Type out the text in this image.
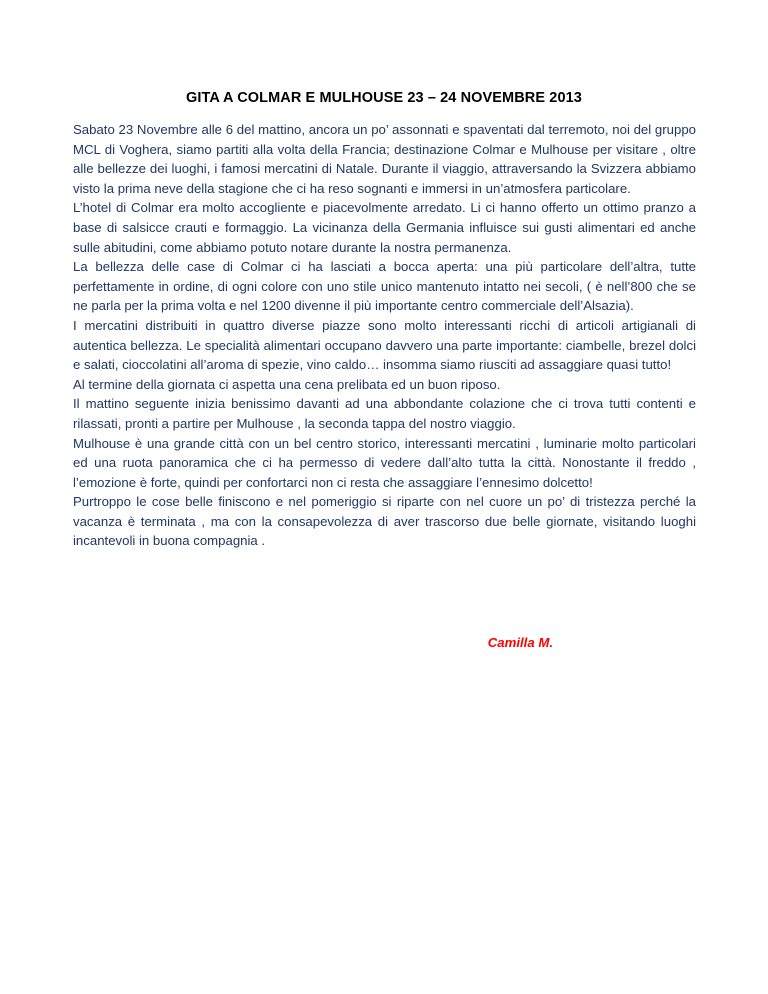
GITA A COLMAR E MULHOUSE 23 – 24 NOVEMBRE 2013

Sabato 23 Novembre alle 6 del mattino, ancora un po’ assonnati e spaventati dal terremoto, noi del gruppo MCL di Voghera, siamo partiti alla volta della Francia; destinazione Colmar e Mulhouse per visitare , oltre alle bellezze dei luoghi, i famosi mercatini di Natale. Durante il viaggio, attraversando la Svizzera abbiamo visto la prima neve della stagione che ci ha reso sognanti e immersi in un’atmosfera particolare.

L’hotel di Colmar era molto accogliente e piacevolmente arredato. Li ci hanno offerto un ottimo pranzo a base di salsicce crauti e formaggio. La vicinanza della Germania influisce sui gusti alimentari ed anche sulle abitudini, come abbiamo potuto notare durante la nostra permanenza.

La bellezza delle case di Colmar ci ha lasciati a bocca aperta: una più particolare dell’altra, tutte perfettamente in ordine, di ogni colore con uno stile unico mantenuto intatto nei secoli, ( è nell’800 che se ne parla per la prima volta e nel 1200 divenne il più importante centro commerciale dell’Alsazia).

I mercatini distribuiti in quattro diverse piazze sono molto interessanti ricchi di articoli artigianali di autentica bellezza. Le specialità alimentari occupano davvero una parte importante: ciambelle, brezel dolci e salati, cioccolatini all’aroma di spezie, vino caldo… insomma siamo riusciti ad assaggiare quasi tutto!

Al termine della giornata ci aspetta una cena prelibata ed un buon riposo.

Il mattino seguente inizia benissimo davanti ad una abbondante colazione che ci trova tutti contenti e rilassati, pronti a partire per Mulhouse , la seconda tappa del nostro viaggio.

Mulhouse è una grande città con un bel centro storico, interessanti mercatini , luminarie molto particolari ed una ruota panoramica che ci ha permesso di vedere dall’alto tutta la città. Nonostante il freddo , l’emozione è forte, quindi per confortarci non ci resta che assaggiare l’ennesimo dolcetto!

Purtroppo le cose belle finiscono e nel pomeriggio si riparte con nel cuore un po’ di tristezza perché la vacanza è terminata , ma con la consapevolezza di aver trascorso due belle giornate, visitando luoghi incantevoli in buona compagnia .

Camilla M.
